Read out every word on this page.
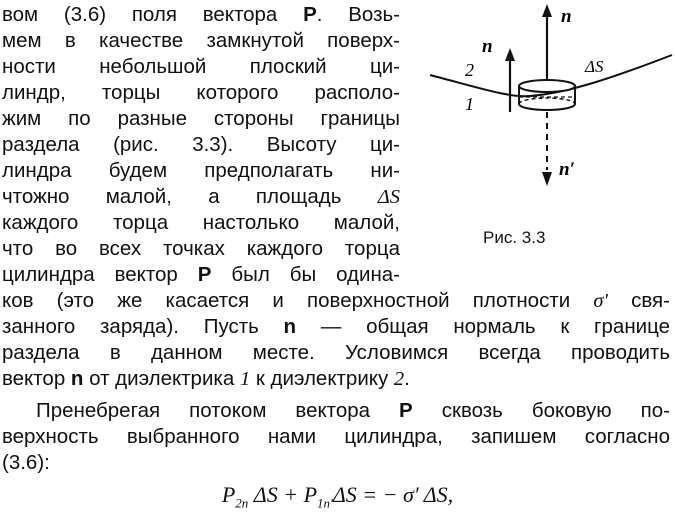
вом (3.6) поля вектора P. Возь-
мем в качестве замкнутой поверх-
ности небольшой плоский ци-
линдр, торцы которого располо-
жим по разные стороны границы
раздела (рис. 3.3). Высоту ци-
линдра будем предполагать ни-
чтожно малой, а площадь ΔS
каждого торца настолько малой,
что во всех точках каждого торца
цилиндра вектор P был бы одина-
ков (это же касается и поверхностной плотности σ′ свя-
занного заряда). Пусть n — общая нормаль к границе
раздела в данном месте. Условимся всегда проводить
вектор n от диэлектрика 1 к диэлектрику 2.
Пренебрегая потоком вектора P сквозь боковую по-
верхность выбранного нами цилиндра, запишем согласно
(3.6):
$P_{2n}$ $\Delta S + P_{1n'}\Delta S$ = − σ′ ΔS,
n
n
ΔS
2
1
n′
Рис. 3.3
